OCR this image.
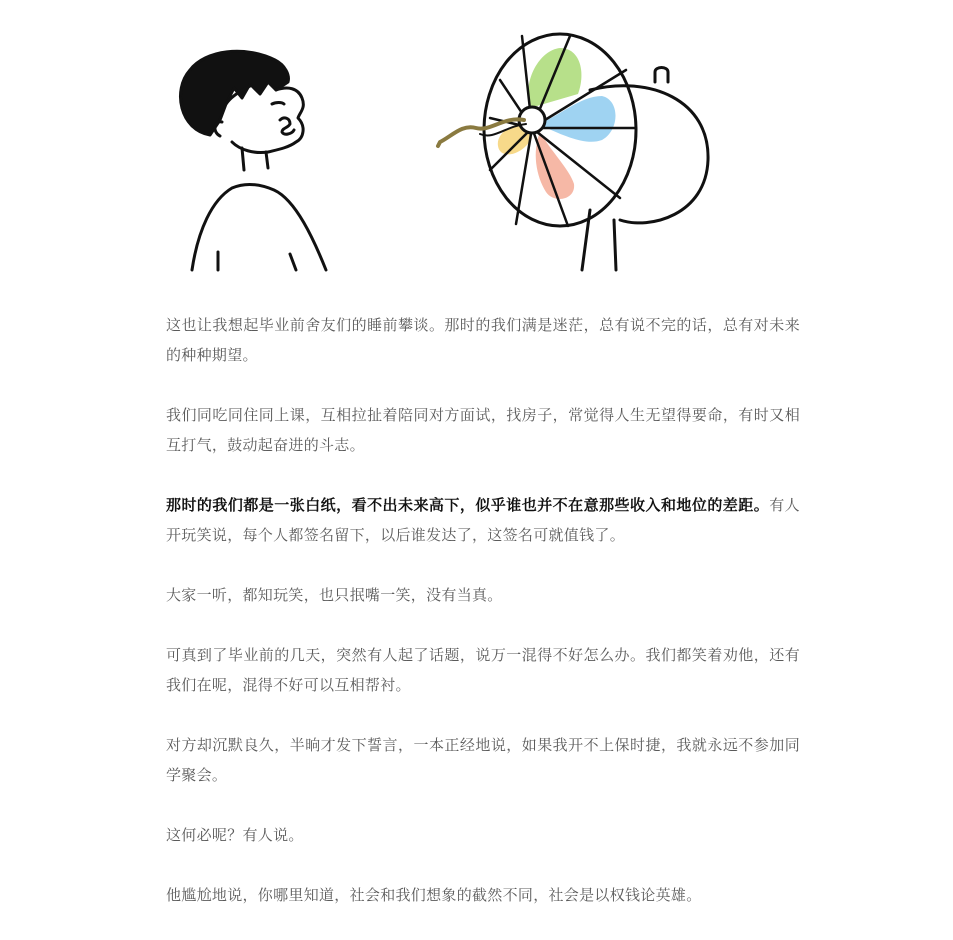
这也让我想起毕业前舍友们的睡前攀谈。那时的我们满是迷茫，总有说不完的话，总有对未来的种种期望。

我们同吃同住同上课，互相拉扯着陪同对方面试，找房子，常觉得人生无望得要命，有时又相互打气，鼓动起奋进的斗志。

那时的我们都是一张白纸，看不出未来高下，似乎谁也并不在意那些收入和地位的差距。有人开玩笑说，每个人都签名留下，以后谁发达了，这签名可就值钱了。

大家一听，都知玩笑，也只抿嘴一笑，没有当真。

可真到了毕业前的几天，突然有人起了话题，说万一混得不好怎么办。我们都笑着劝他，还有我们在呢，混得不好可以互相帮衬。

对方却沉默良久，半晌才发下誓言，一本正经地说，如果我开不上保时捷，我就永远不参加同学聚会。

这何必呢？有人说。

他尴尬地说，你哪里知道，社会和我们想象的截然不同，社会是以权钱论英雄。
